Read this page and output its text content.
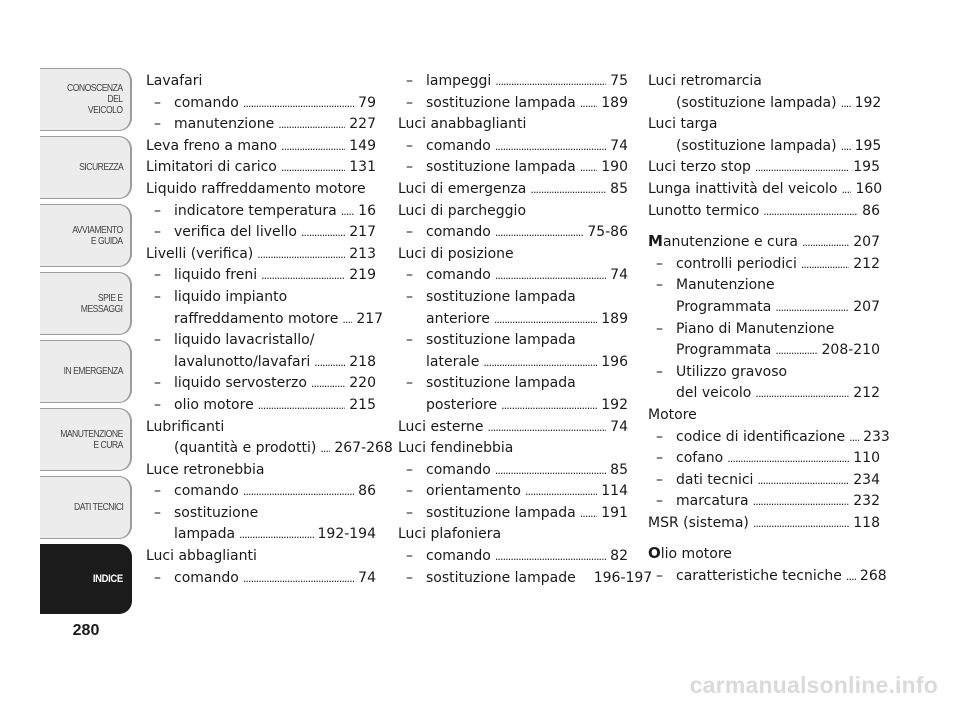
CONOSCENZA
DEL
VEICOLO
SICUREZZA
AVVIAMENTO
E GUIDA
SPIE E
MESSAGGI
IN EMERGENZA
MANUTENZIONE
E CURA
DATI TECNICI
INDICE
280
Lavafari
– comando . . .	79
– manutenzione . . .	227
Leva freno a mano . . .	149
Limitatori di carico . . .	131
Liquido raffreddamento motore
– indicatore temperatura . . . 16
– verifica del livello . . .	217
Livelli (verifica) . . .	213
– liquido freni . . .	219
– liquido impianto
raffreddamento motore . . . 217
– liquido lavacristallo/
lavalunotto/lavafari . . .	218
– liquido servosterzo . . .	220
– olio motore . . .	215
Lubrificanti
(quantità e prodotti) . . . 267-268
Luce retronebbia
– comando . . .	86
– sostituzione
lampada . . .	192-194
Luci abbaglianti
– comando . . .	74
– lampeggi . . .	75
– sostituzione lampada . . . 189
Luci anabbaglianti
– comando . . .	74
– sostituzione lampada . . . 190
Luci di emergenza . . .	85
Luci di parcheggio
– comando . . .	75-86
Luci di posizione
– comando . . .	74
– sostituzione lampada
anteriore . . .	189
– sostituzione lampada
laterale . . .	196
– sostituzione lampada
posteriore . . .	192
Luci esterne . . .	74
Luci fendinebbia
– comando . . .	85
– orientamento . . .	114
– sostituzione lampada . . . 191
Luci plafoniera
– comando . . .	82
– sostituzione lampade 196-197
Luci retromarcia
(sostituzione lampada) . . . 192
Luci targa
(sostituzione lampada) . . . 195
Luci terzo stop . . .	195
Lunga inattività del veicolo . . . 160
Lunotto termico . . .	86
Manutenzione e cura . . .	207
– controlli periodici . . .	212
– Manutenzione
Programmata . . .	207
– Piano di Manutenzione
Programmata . . .	208-210
– Utilizzo gravoso
del veicolo . . .	212
Motore
– codice di identificazione . . . 233
– cofano . . .	110
– dati tecnici . . .	234
– marcatura . . .	232
MSR (sistema) . . .	118
Olio motore
– caratteristiche tecniche . . . 268
carmanualsonline.info
